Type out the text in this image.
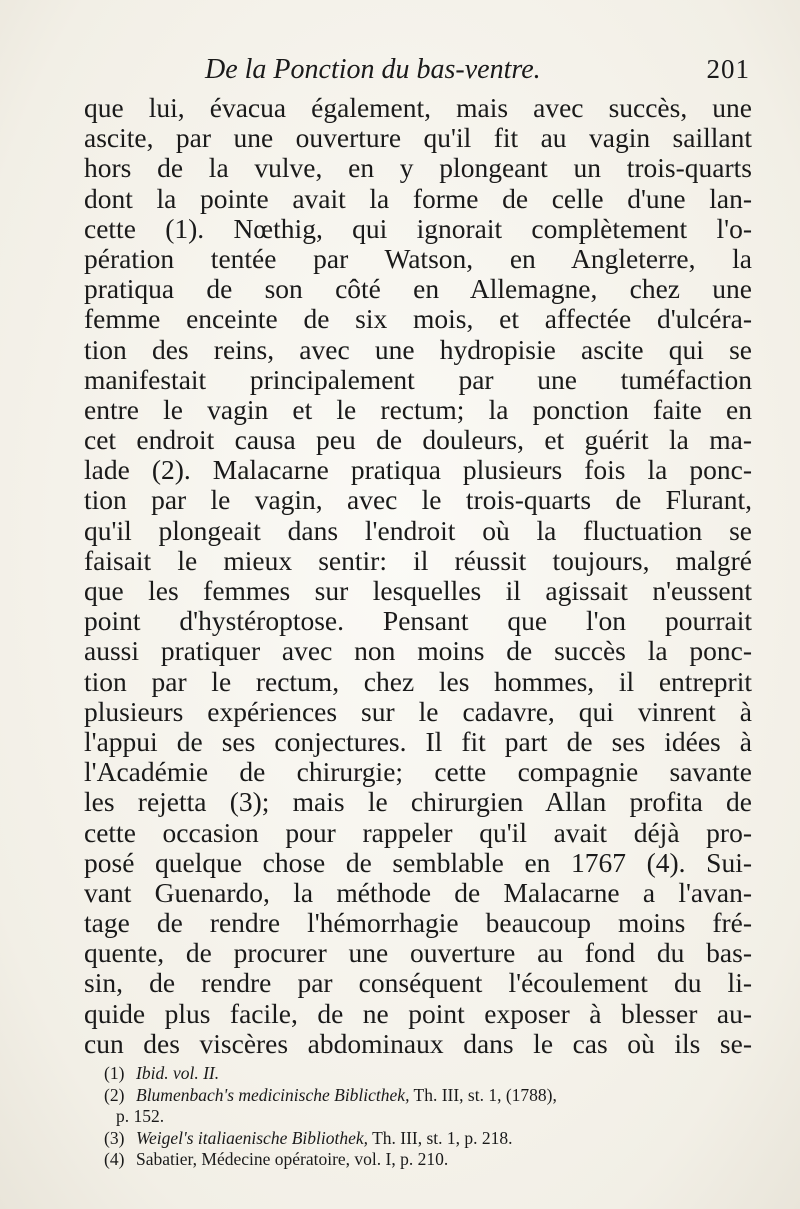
De la Ponction du bas-ventre.	201
que lui, évacua également, mais avec succès, une
ascite, par une ouverture qu'il fit au vagin saillant
hors de la vulve, en y plongeant un trois-quarts
dont la pointe avait la forme de celle d'une lan-
cette (1). Nœthig, qui ignorait complètement l'o-
pération tentée par Watson, en Angleterre, la
pratiqua de son côté en Allemagne, chez une
femme enceinte de six mois, et affectée d'ulcéra-
tion des reins, avec une hydropisie ascite qui se
manifestait principalement par une tuméfaction
entre le vagin et le rectum; la ponction faite en
cet endroit causa peu de douleurs, et guérit la ma-
lade (2). Malacarne pratiqua plusieurs fois la ponc-
tion par le vagin, avec le trois-quarts de Flurant,
qu'il plongeait dans l'endroit où la fluctuation se
faisait le mieux sentir: il réussit toujours, malgré
que les femmes sur lesquelles il agissait n'eussent
point d'hystéroptose. Pensant que l'on pourrait
aussi pratiquer avec non moins de succès la ponc-
tion par le rectum, chez les hommes, il entreprit
plusieurs expériences sur le cadavre, qui vinrent à
l'appui de ses conjectures. Il fit part de ses idées à
l'Académie de chirurgie; cette compagnie savante
les rejetta (3); mais le chirurgien Allan profita de
cette occasion pour rappeler qu'il avait déjà pro-
posé quelque chose de semblable en 1767 (4). Sui-
vant Guenardo, la méthode de Malacarne a l'avan-
tage de rendre l'hémorrhagie beaucoup moins fré-
quente, de procurer une ouverture au fond du bas-
sin, de rendre par conséquent l'écoulement du li-
quide plus facile, de ne point exposer à blesser au-
cun des viscères abdominaux dans le cas où ils se-
(1) Ibid. vol. II.
(2) Blumenbach's medicinische Biblicthek, Th. III, st. 1, (1788),
p. 152.
(3) Weigel's italiaenische Bibliothek, Th. III, st. 1, p. 218.
(4) Sabatier, Médecine opératoire, vol. I, p. 210.
